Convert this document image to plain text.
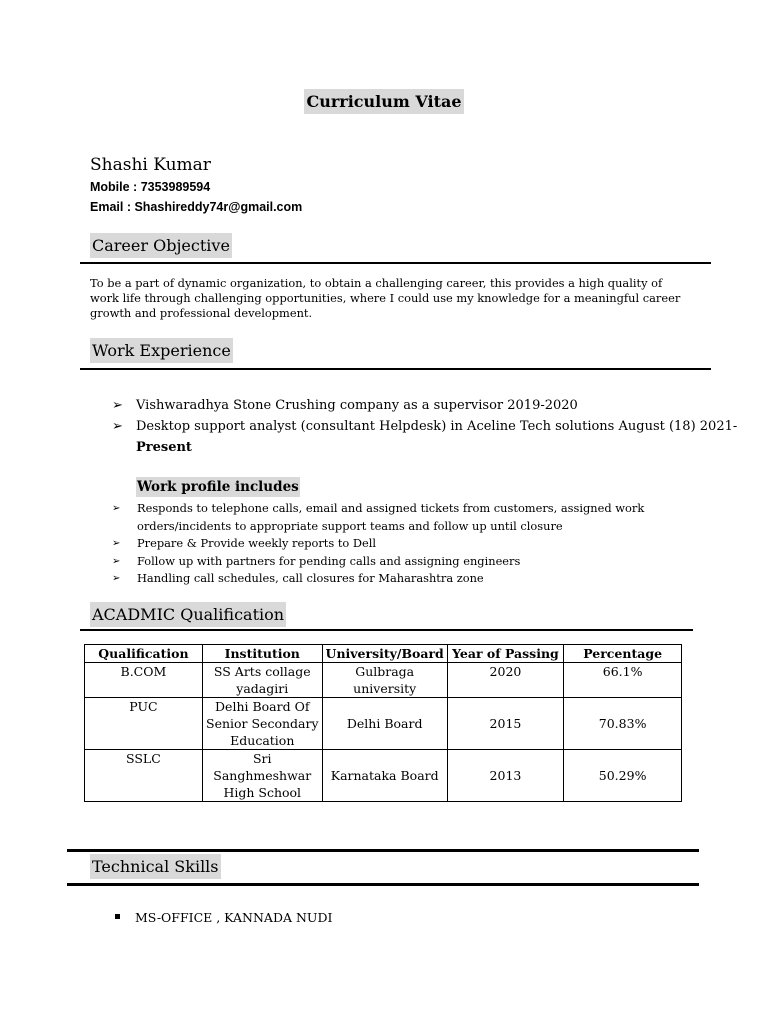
Curriculum Vitae
Shashi Kumar
Mobile : 7353989594
Email : Shashireddy74r@gmail.com
Career Objective
To be a part of dynamic organization, to obtain a challenging career, this provides a high quality of work life through challenging opportunities, where I could use my knowledge for a meaningful career growth and professional development.
Work Experience
➢ Vishwaradhya Stone Crushing company as a supervisor 2019-2020
➢ Desktop support analyst (consultant Helpdesk) in Aceline Tech solutions August (18) 2021- Present
Work profile includes
➢ Responds to telephone calls, email and assigned tickets from customers, assigned work orders/incidents to appropriate support teams and follow up until closure
➢ Prepare & Provide weekly reports to Dell
➢ Follow up with partners for pending calls and assigning engineers
➢ Handling call schedules, call closures for Maharashtra zone
ACADMIC Qualification
Qualification	Institution	University/Board	Year of Passing	Percentage
B.COM	SS Arts collage yadagiri	Gulbraga university	2020	66.1%
PUC	Delhi Board Of Senior Secondary Education	Delhi Board	2015	70.83%
SSLC	Sri Sanghmeshwar High School	Karnataka Board	2013	50.29%
Technical Skills
MS-OFFICE , KANNADA NUDI
